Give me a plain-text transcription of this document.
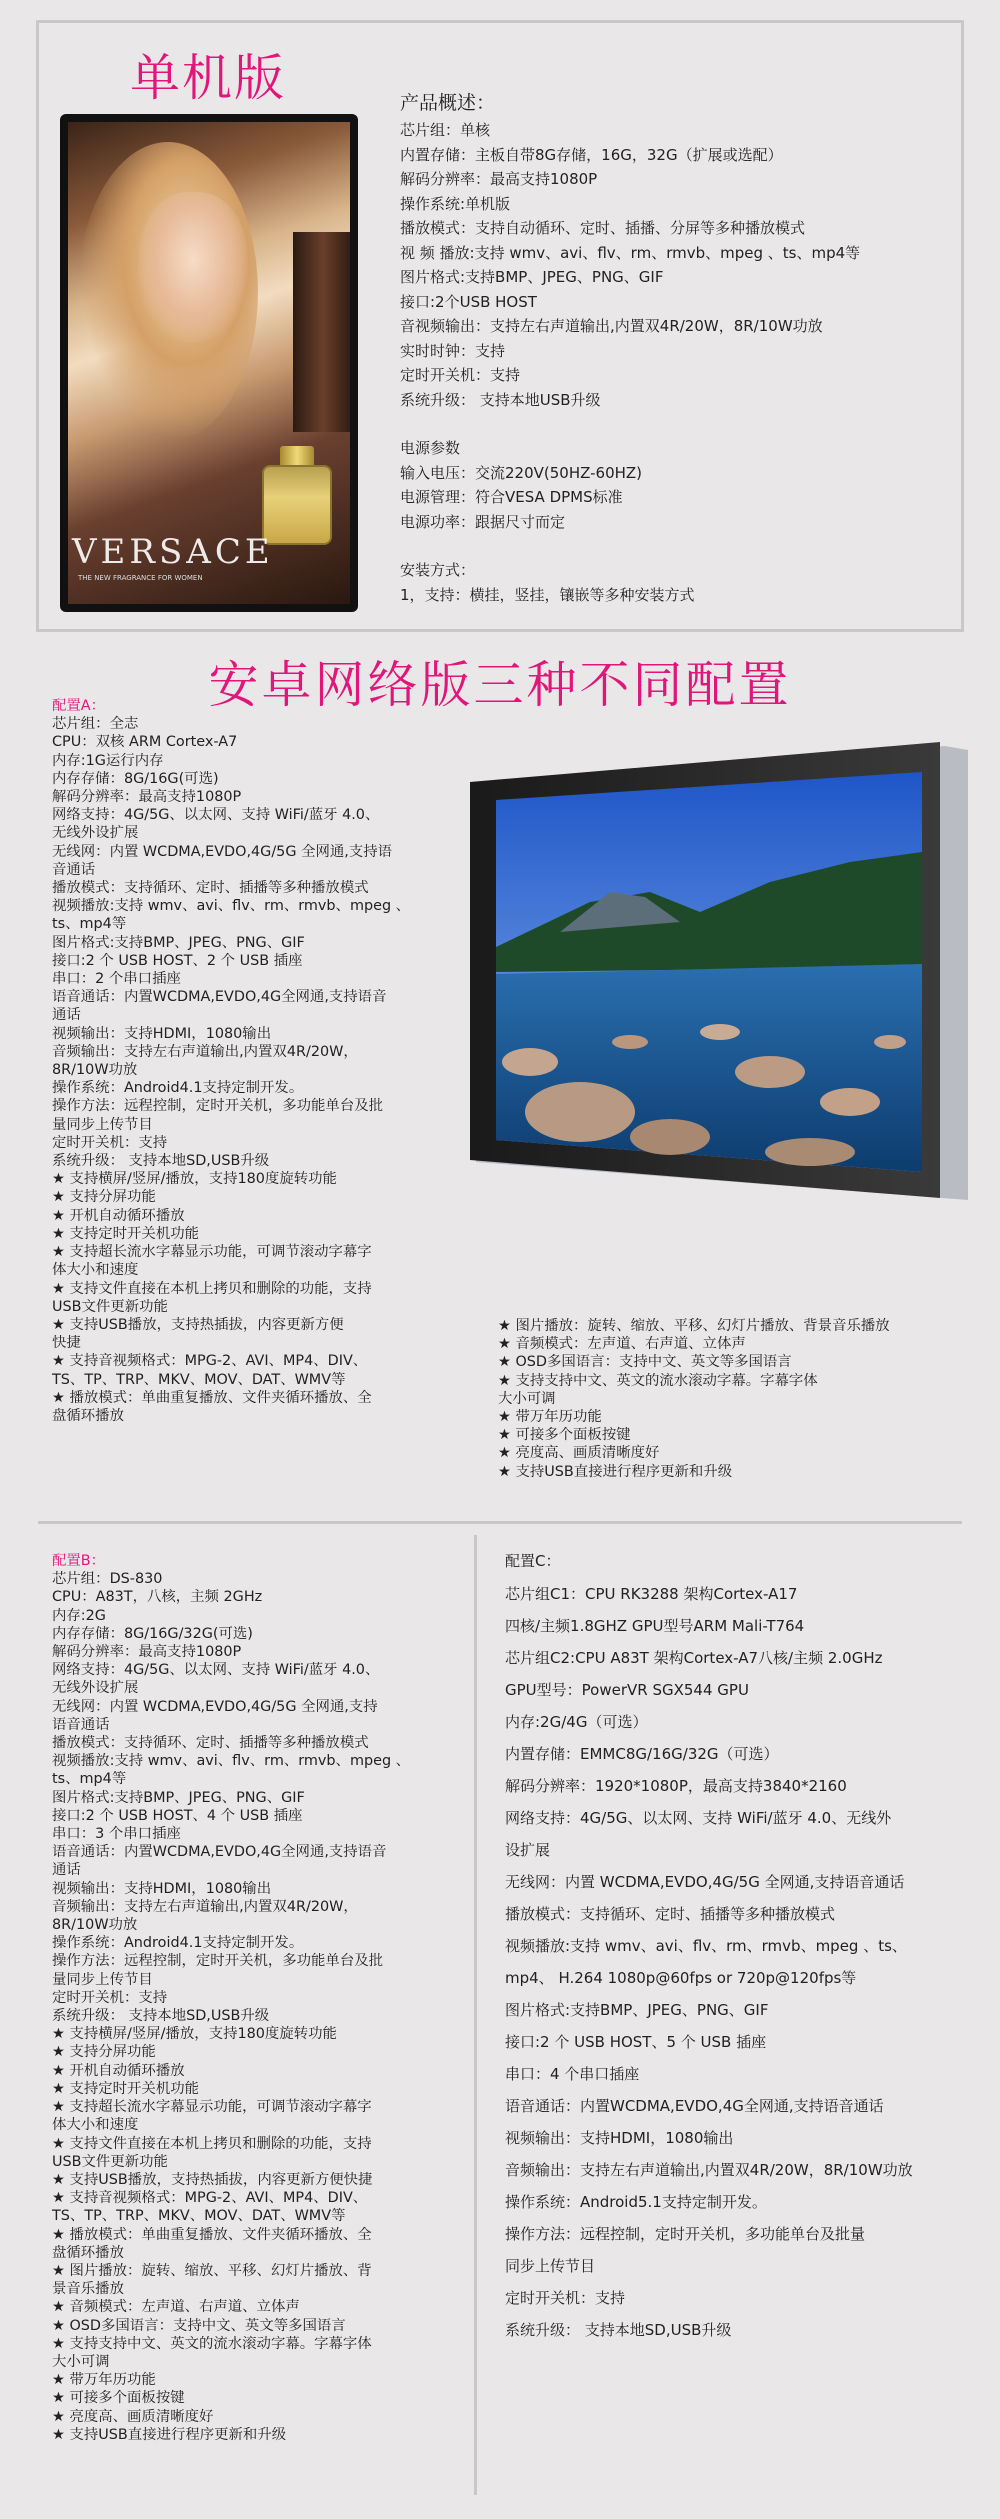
单机版
VERSACE
THE NEW FRAGRANCE FOR WOMEN
产品概述：
芯片组：单核
内置存储：主板自带8G存储，16G，32G（扩展或选配）
解码分辨率：最高支持1080P
操作系统:单机版
播放模式：支持自动循环、定时、插播、分屏等多种播放模式
视 频 播放:支持 wmv、avi、flv、rm、rmvb、mpeg 、ts、mp4等
图片格式:支持BMP、JPEG、PNG、GIF
接口:2个USB HOST
音视频输出：支持左右声道输出,内置双4R/20W，8R/10W功放
实时时钟：支持
定时开关机：支持
系统升级： 支持本地USB升级
电源参数
输入电压：交流220V(50HZ-60HZ)
电源管理：符合VESA DPMS标准
电源功率：跟据尺寸而定
安装方式：
1，支持：横挂，竖挂，镶嵌等多种安装方式
安卓网络版三种不同配置
配置A：
芯片组：全志
CPU：双核 ARM Cortex-A7
内存:1G运行内存
内存存储：8G/16G(可选)
解码分辨率：最高支持1080P
网络支持：4G/5G、以太网、支持 WiFi/蓝牙 4.0、
无线外设扩展
无线网：内置 WCDMA,EVDO,4G/5G 全网通,支持语
音通话
播放模式：支持循环、定时、插播等多种播放模式
视频播放:支持 wmv、avi、flv、rm、rmvb、mpeg 、
ts、mp4等
图片格式:支持BMP、JPEG、PNG、GIF
接口:2 个 USB HOST、2 个 USB 插座
串口：2 个串口插座
语音通话：内置WCDMA,EVDO,4G全网通,支持语音
通话
视频输出：支持HDMI，1080输出
音频输出：支持左右声道输出,内置双4R/20W，
8R/10W功放
操作系统：Android4.1支持定制开发。
操作方法：远程控制，定时开关机，多功能单台及批
量同步上传节目
定时开关机：支持
系统升级： 支持本地SD,USB升级
★ 支持横屏/竖屏/播放，支持180度旋转功能
★ 支持分屏功能
★ 开机自动循环播放
★ 支持定时开关机功能
★ 支持超长流水字幕显示功能，可调节滚动字幕字
体大小和速度
★ 支持文件直接在本机上拷贝和删除的功能，支持
USB文件更新功能
★ 支持USB播放，支持热插拔，内容更新方便
快捷
★ 支持音视频格式：MPG-2、AVI、MP4、DIV、
TS、TP、TRP、MKV、MOV、DAT、WMV等
★ 播放模式：单曲重复播放、文件夹循环播放、全
盘循环播放
★ 图片播放：旋转、缩放、平移、幻灯片播放、背景音乐播放
★ 音频模式：左声道、右声道、立体声
★ OSD多国语言：支持中文、英文等多国语言
★ 支持支持中文、英文的流水滚动字幕。字幕字体
大小可调
★ 带万年历功能
★ 可接多个面板按键
★ 亮度高、画质清晰度好
★ 支持USB直接进行程序更新和升级
配置B：
芯片组：DS-830
CPU：A83T，八核，主频 2GHz
内存:2G
内存存储：8G/16G/32G(可选)
解码分辨率：最高支持1080P
网络支持：4G/5G、以太网、支持 WiFi/蓝牙 4.0、
无线外设扩展
无线网：内置 WCDMA,EVDO,4G/5G 全网通,支持
语音通话
播放模式：支持循环、定时、插播等多种播放模式
视频播放:支持 wmv、avi、flv、rm、rmvb、mpeg 、
ts、mp4等
图片格式:支持BMP、JPEG、PNG、GIF
接口:2 个 USB HOST、4 个 USB 插座
串口：3 个串口插座
语音通话：内置WCDMA,EVDO,4G全网通,支持语音
通话
视频输出：支持HDMI，1080输出
音频输出：支持左右声道输出,内置双4R/20W，
8R/10W功放
操作系统：Android4.1支持定制开发。
操作方法：远程控制，定时开关机，多功能单台及批
量同步上传节目
定时开关机：支持
系统升级： 支持本地SD,USB升级
★ 支持横屏/竖屏/播放，支持180度旋转功能
★ 支持分屏功能
★ 开机自动循环播放
★ 支持定时开关机功能
★ 支持超长流水字幕显示功能，可调节滚动字幕字
体大小和速度
★ 支持文件直接在本机上拷贝和删除的功能，支持
USB文件更新功能
★ 支持USB播放，支持热插拔，内容更新方便快捷
★ 支持音视频格式：MPG-2、AVI、MP4、DIV、
TS、TP、TRP、MKV、MOV、DAT、WMV等
★ 播放模式：单曲重复播放、文件夹循环播放、全
盘循环播放
★ 图片播放：旋转、缩放、平移、幻灯片播放、背
景音乐播放
★ 音频模式：左声道、右声道、立体声
★ OSD多国语言：支持中文、英文等多国语言
★ 支持支持中文、英文的流水滚动字幕。字幕字体
大小可调
★ 带万年历功能
★ 可接多个面板按键
★ 亮度高、画质清晰度好
★ 支持USB直接进行程序更新和升级
配置C：
芯片组C1：CPU RK3288 架构Cortex-A17
四核/主频1.8GHZ GPU型号ARM Mali-T764
芯片组C2:CPU A83T 架构Cortex-A7八核/主频 2.0GHz
GPU型号：PowerVR SGX544 GPU
内存:2G/4G（可选）
内置存储：EMMC8G/16G/32G（可选）
解码分辨率：1920*1080P，最高支持3840*2160
网络支持：4G/5G、以太网、支持 WiFi/蓝牙 4.0、无线外
设扩展
无线网：内置 WCDMA,EVDO,4G/5G 全网通,支持语音通话
播放模式：支持循环、定时、插播等多种播放模式
视频播放:支持 wmv、avi、flv、rm、rmvb、mpeg 、ts、
mp4、 H.264 1080p@60fps or 720p@120fps等
图片格式:支持BMP、JPEG、PNG、GIF
接口:2 个 USB HOST、5 个 USB 插座
串口：4 个串口插座
语音通话：内置WCDMA,EVDO,4G全网通,支持语音通话
视频输出：支持HDMI，1080输出
音频输出：支持左右声道输出,内置双4R/20W，8R/10W功放
操作系统：Android5.1支持定制开发。
操作方法：远程控制，定时开关机，多功能单台及批量
同步上传节目
定时开关机：支持
系统升级： 支持本地SD,USB升级
